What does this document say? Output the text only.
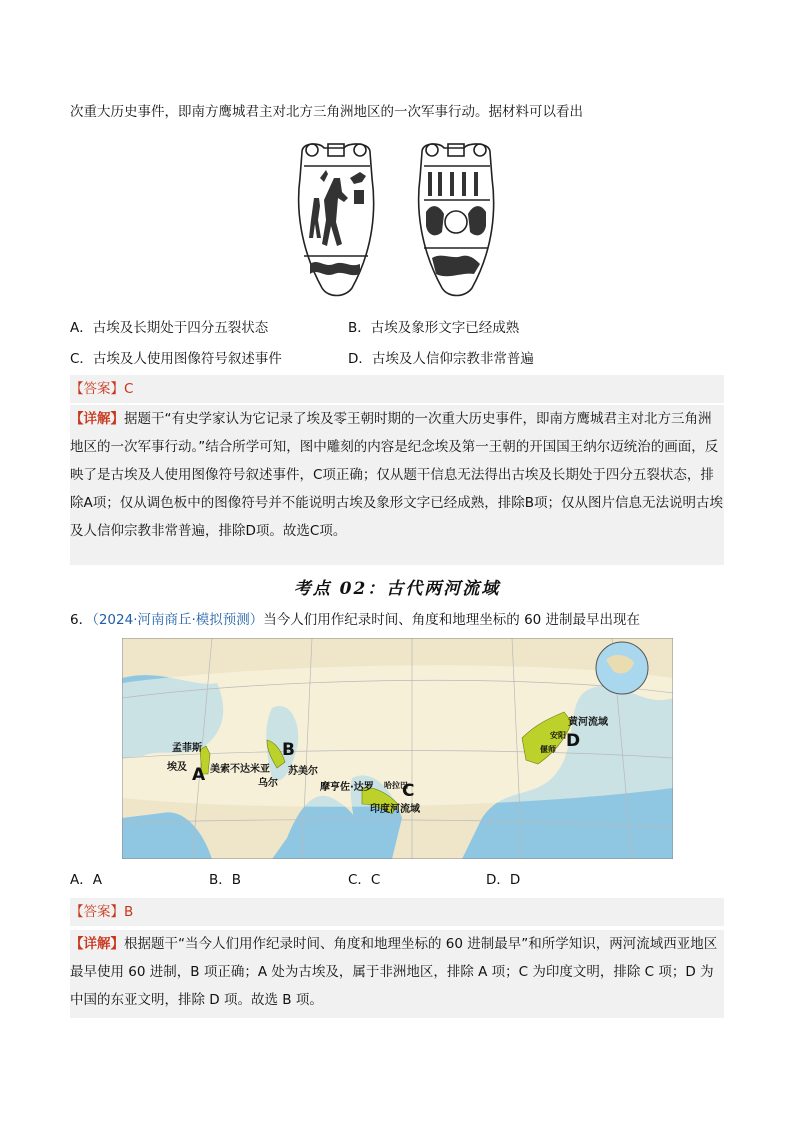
次重大历史事件，即南方鹰城君主对北方三角洲地区的一次军事行动。据材料可以看出
A．古埃及长期处于四分五裂状态	B．古埃及象形文字已经成熟
C．古埃及人使用图像符号叙述事件	D．古埃及人信仰宗教非常普遍
【答案】C
【详解】据题干“有史学家认为它记录了埃及零王朝时期的一次重大历史事件，即南方鹰城君主对北方三角洲地区的一次军事行动。”结合所学可知，图中雕刻的内容是纪念埃及第一王朝的开国国王纳尔迈统治的画面，反映了是古埃及人使用图像符号叙述事件，C项正确；仅从题干信息无法得出古埃及长期处于四分五裂状态，排除A项；仅从调色板中的图像符号并不能说明古埃及象形文字已经成熟，排除B项；仅从图片信息无法说明古埃及人信仰宗教非常普遍，排除D项。故选C项。
考点 02：古代两河流域
6．（2024·河南商丘·模拟预测）当今人们用作纪录时间、角度和地理坐标的 60 进制最早出现在
孟菲斯
埃及 A 美索不达米亚
乌尔
B
苏美尔
摩亨佐·达罗 哈拉巴
C
印度河流域
黄河流域
安阳
偃师 D
A．A	B．B	C．C	D．D
【答案】B
【详解】根据题干“当今人们用作纪录时间、角度和地理坐标的 60 进制最早”和所学知识，两河流域西亚地区最早使用 60 进制，B 项正确；A 处为古埃及，属于非洲地区，排除 A 项；C 为印度文明，排除 C 项；D 为中国的东亚文明，排除 D 项。故选 B 项。
